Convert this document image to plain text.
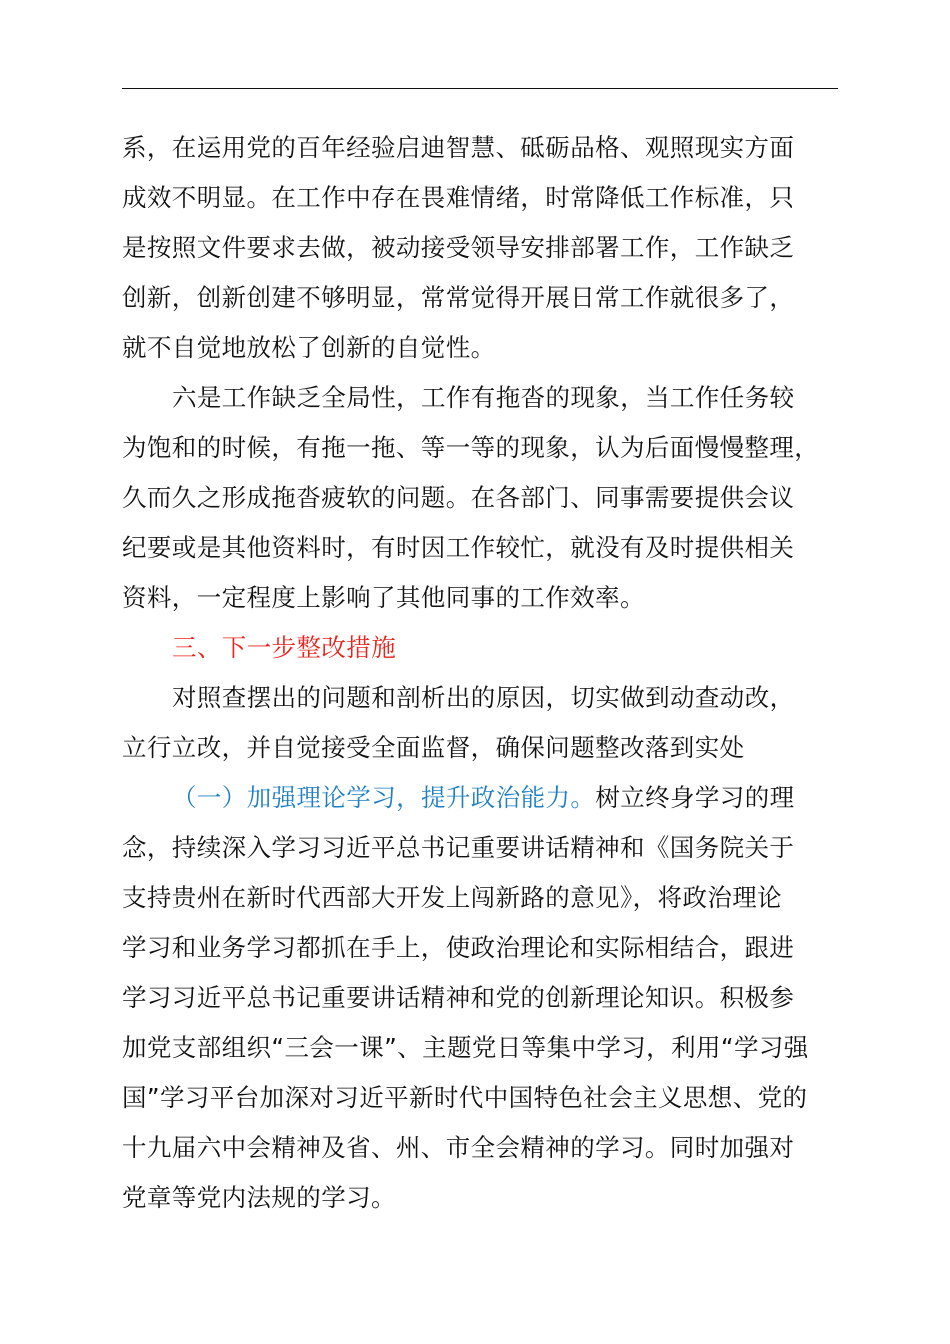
系，在运用党的百年经验启迪智慧、砥砺品格、观照现实方面
成效不明显。在工作中存在畏难情绪，时常降低工作标准，只
是按照文件要求去做，被动接受领导安排部署工作，工作缺乏
创新，创新创建不够明显，常常觉得开展日常工作就很多了，
就不自觉地放松了创新的自觉性。
六是工作缺乏全局性，工作有拖沓的现象，当工作任务较
为饱和的时候，有拖一拖、等一等的现象，认为后面慢慢整理，
久而久之形成拖沓疲软的问题。在各部门、同事需要提供会议
纪要或是其他资料时，有时因工作较忙，就没有及时提供相关
资料，一定程度上影响了其他同事的工作效率。
三、下一步整改措施
对照查摆出的问题和剖析出的原因，切实做到动查动改，
立行立改，并自觉接受全面监督，确保问题整改落到实处
（一）加强理论学习，提升政治能力。树立终身学习的理
念，持续深入学习习近平总书记重要讲话精神和《国务院关于
支持贵州在新时代西部大开发上闯新路的意见》，将政治理论
学习和业务学习都抓在手上，使政治理论和实际相结合，跟进
学习习近平总书记重要讲话精神和党的创新理论知识。积极参
加党支部组织“三会一课”、主题党日等集中学习，利用“学习强
国”学习平台加深对习近平新时代中国特色社会主义思想、党的
十九届六中会精神及省、州、市全会精神的学习。同时加强对
党章等党内法规的学习。
